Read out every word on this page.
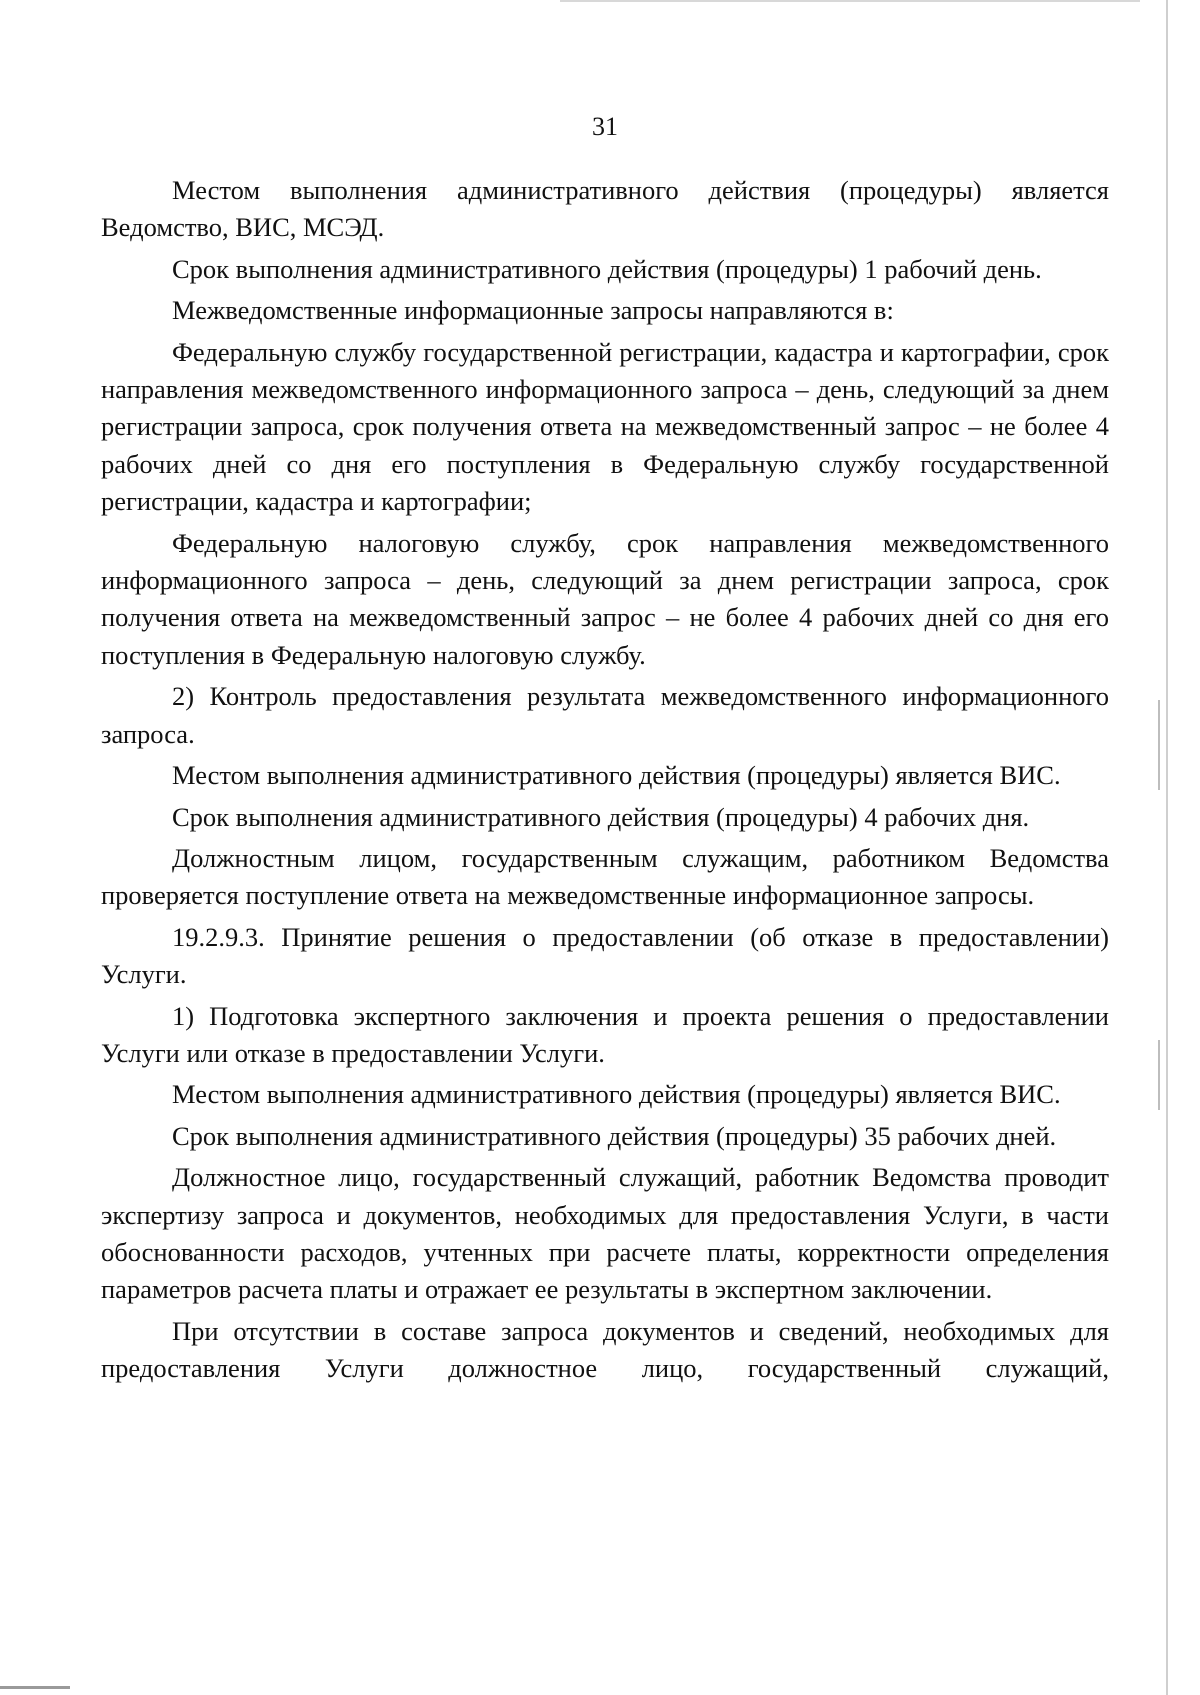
31

Местом выполнения административного действия (процедуры) является Ведомство, ВИС, МСЭД.

Срок выполнения административного действия (процедуры) 1 рабочий день.

Межведомственные информационные запросы направляются в:

Федеральную службу государственной регистрации, кадастра и картографии, срок направления межведомственного информационного запроса – день, следующий за днем регистрации запроса, срок получения ответа на межведомственный запрос – не более 4 рабочих дней со дня его поступления в Федеральную службу государственной регистрации, кадастра и картографии;

Федеральную налоговую службу, срок направления межведомственного информационного запроса – день, следующий за днем регистрации запроса, срок получения ответа на межведомственный запрос – не более 4 рабочих дней со дня его поступления в Федеральную налоговую службу.

2) Контроль предоставления результата межведомственного информационного запроса.

Местом выполнения административного действия (процедуры) является ВИС.

Срок выполнения административного действия (процедуры) 4 рабочих дня.

Должностным лицом, государственным служащим, работником Ведомства проверяется поступление ответа на межведомственные информационное запросы.

19.2.9.3. Принятие решения о предоставлении (об отказе в предоставлении) Услуги.

1) Подготовка экспертного заключения и проекта решения о предоставлении Услуги или отказе в предоставлении Услуги.

Местом выполнения административного действия (процедуры) является ВИС.

Срок выполнения административного действия (процедуры) 35 рабочих дней.

Должностное лицо, государственный служащий, работник Ведомства проводит экспертизу запроса и документов, необходимых для предоставления Услуги, в части обоснованности расходов, учтенных при расчете платы, корректности определения параметров расчета платы и отражает ее результаты в экспертном заключении.

При отсутствии в составе запроса документов и сведений, необходимых для предоставления Услуги должностное лицо, государственный служащий,
